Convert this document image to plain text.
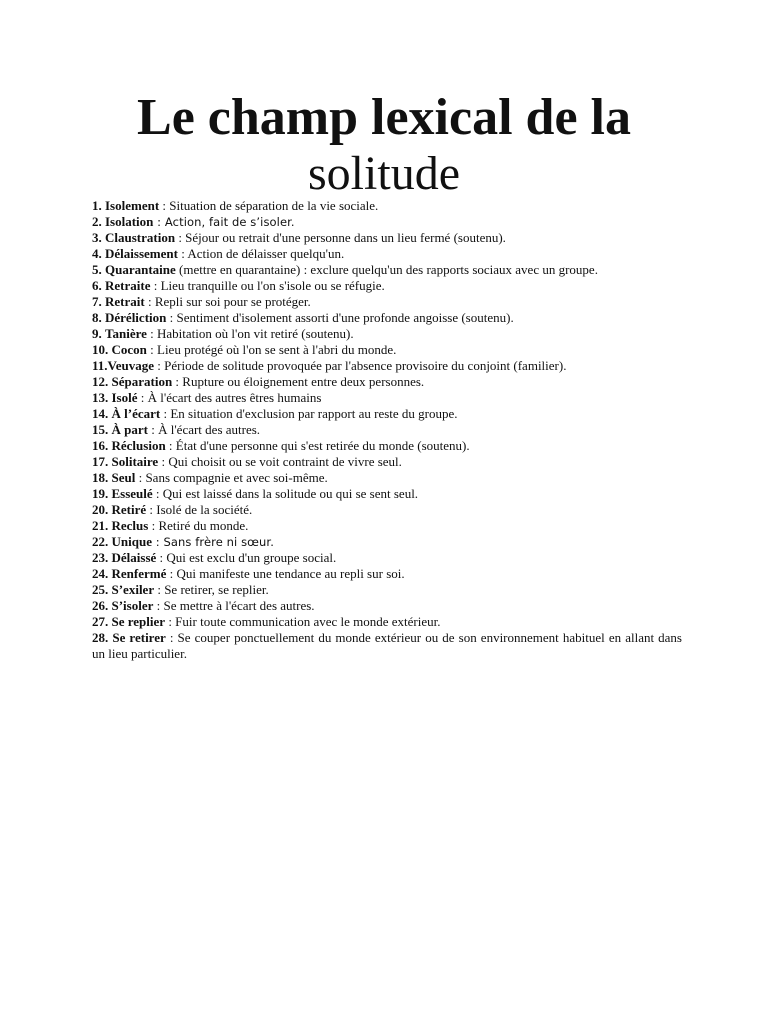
Le champ lexical de la
solitude
1. Isolement : Situation de séparation de la vie sociale.
2. Isolation : Action, fait de s’isoler.
3. Claustration : Séjour ou retrait d'une personne dans un lieu fermé (soutenu).
4. Délaissement : Action de délaisser quelqu'un.
5. Quarantaine (mettre en quarantaine) : exclure quelqu'un des rapports sociaux avec un groupe.
6. Retraite : Lieu tranquille ou l'on s'isole ou se réfugie.
7. Retrait : Repli sur soi pour se protéger.
8. Déréliction : Sentiment d'isolement assorti d'une profonde angoisse (soutenu).
9. Tanière : Habitation où l'on vit retiré (soutenu).
10. Cocon : Lieu protégé où l'on se sent à l'abri du monde.
11.Veuvage : Période de solitude provoquée par l'absence provisoire du conjoint (familier).
12. Séparation : Rupture ou éloignement entre deux personnes.
13. Isolé : À l'écart des autres êtres humains
14. À l’écart : En situation d'exclusion par rapport au reste du groupe.
15. À part : À l'écart des autres.
16. Réclusion : État d'une personne qui s'est retirée du monde (soutenu).
17. Solitaire : Qui choisit ou se voit contraint de vivre seul.
18. Seul : Sans compagnie et avec soi-même.
19. Esseulé : Qui est laissé dans la solitude ou qui se sent seul.
20. Retiré : Isolé de la société.
21. Reclus : Retiré du monde.
22. Unique : Sans frère ni sœur.
23. Délaissé : Qui est exclu d'un groupe social.
24. Renfermé : Qui manifeste une tendance au repli sur soi.
25. S’exiler : Se retirer, se replier.
26. S’isoler : Se mettre à l'écart des autres.
27. Se replier : Fuir toute communication avec le monde extérieur.
28. Se retirer : Se couper ponctuellement du monde extérieur ou de son environnement habituel en allant dans un lieu particulier.
